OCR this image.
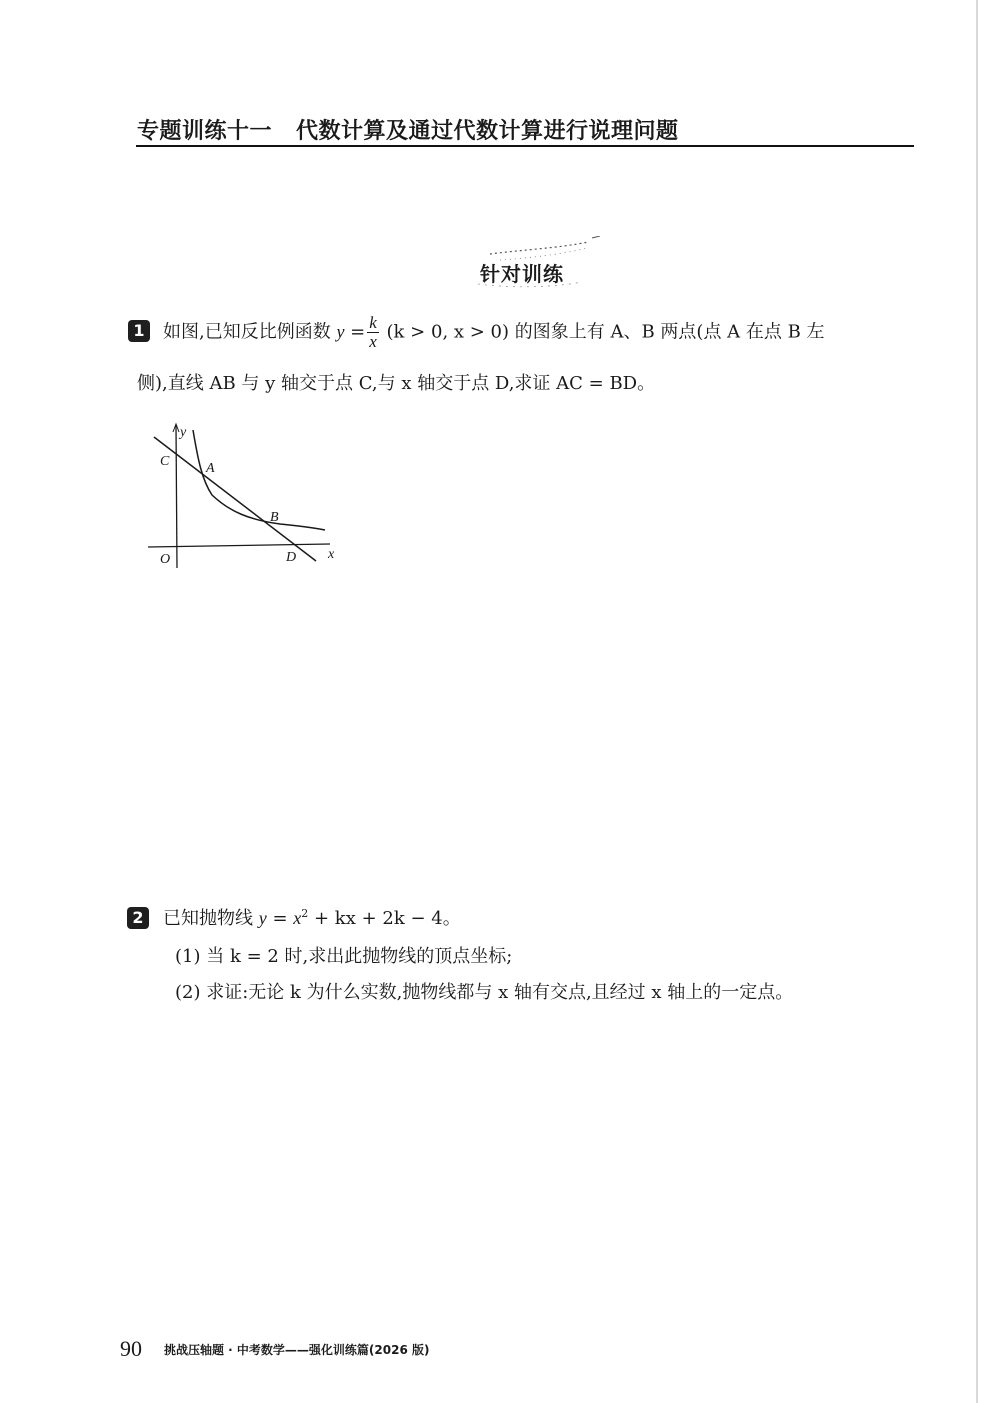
专题训练十一 代数计算及通过代数计算进行说理问题
针对训练
1	如图,已知反比例函数 $y = \frac{k}{x} (k > 0$, x > 0) 的图象上有 A、B 两点(点 A 在点 B 左
侧),直线 AB 与 y 轴交于点 C,与 x 轴交于点 D,求证 AC = BD。
y
x
O
C	A
B
D
2	已知抛物线 $y = x^2$ + kx + 2k − 4。
(1) 当 k = 2 时,求出此抛物线的顶点坐标;
(2) 求证:无论 k 为什么实数,抛物线都与 x 轴有交点,且经过 x 轴上的一定点。
90 挑战压轴题 · 中考数学——强化训练篇(2026 版)
